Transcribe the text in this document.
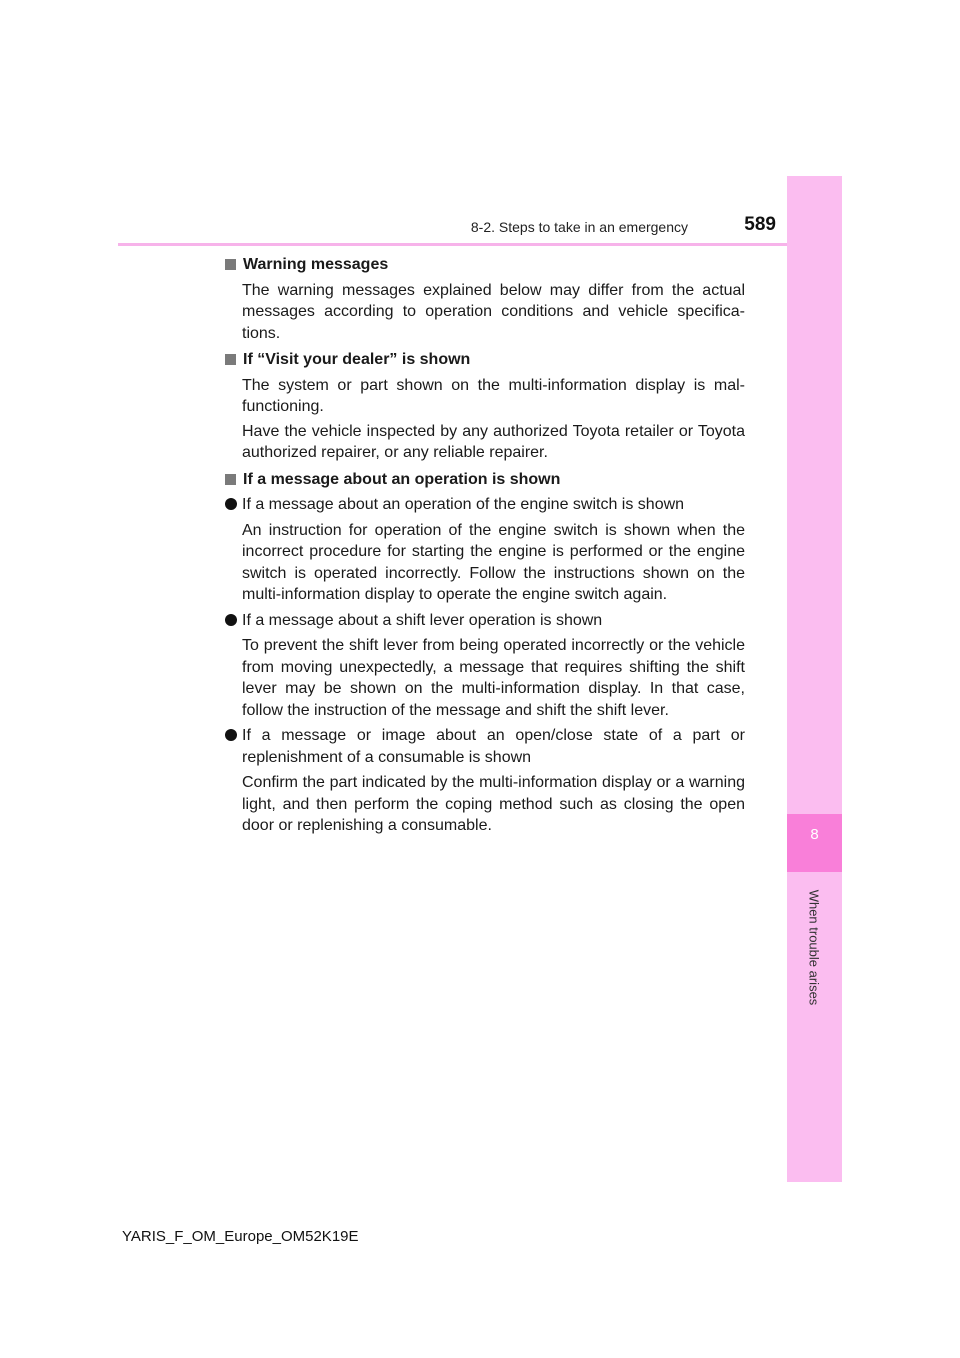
8-2. Steps to take in an emergency	589
8
When trouble arises
Warning messages

The warning messages explained below may differ from the actual messages according to operation conditions and vehicle specifica-tions.

If “Visit your dealer” is shown

The system or part shown on the multi-information display is mal-functioning.

Have the vehicle inspected by any authorized Toyota retailer or Toyota authorized repairer, or any reliable repairer.

If a message about an operation is shown
If a message about an operation of the engine switch is shown

An instruction for operation of the engine switch is shown when the incorrect procedure for starting the engine is performed or the engine switch is operated incorrectly. Follow the instructions shown on the multi-information display to operate the engine switch again.

If a message about a shift lever operation is shown

To prevent the shift lever from being operated incorrectly or the vehicle from moving unexpectedly, a message that requires shifting the shift lever may be shown on the multi-information display. In that case, follow the instruction of the message and shift the shift lever.

If a message or image about an open/close state of a part or replenishment of a consumable is shown

Confirm the part indicated by the multi-information display or a warning light, and then perform the coping method such as closing the open door or replenishing a consumable.

YARIS_F_OM_Europe_OM52K19E
